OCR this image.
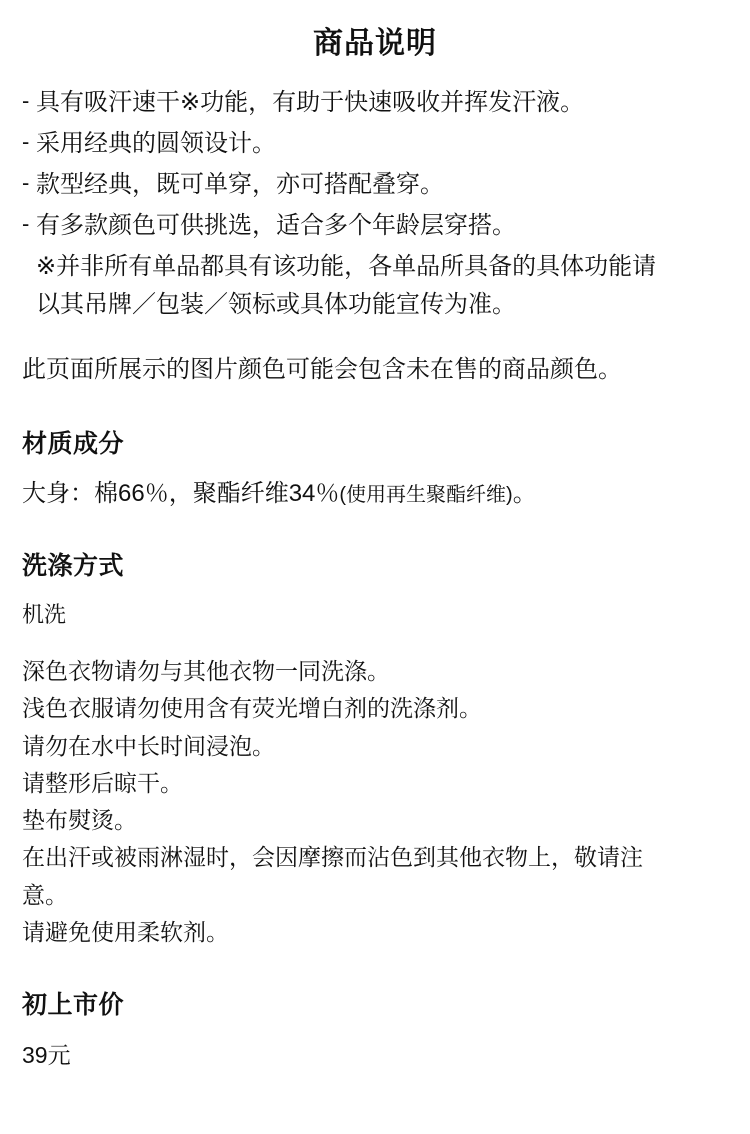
商品说明
- 具有吸汗速干※功能，有助于快速吸收并挥发汗液。
- 采用经典的圆领设计。
- 款型经典，既可单穿，亦可搭配叠穿。
- 有多款颜色可供挑选，适合多个年龄层穿搭。
※并非所有单品都具有该功能，各单品所具备的具体功能请
以其吊牌／包装／领标或具体功能宣传为准。

此页面所展示的图片颜色可能会包含未在售的商品颜色。

材质成分
大身：棉66％，聚酯纤维34％(使用再生聚酯纤维)。
洗涤方式
机洗
深色衣物请勿与其他衣物一同洗涤。
浅色衣服请勿使用含有荧光增白剂的洗涤剂。
请勿在水中长时间浸泡。
请整形后晾干。
垫布熨烫。
在出汗或被雨淋湿时，会因摩擦而沾色到其他衣物上，敬请注
意。
请避免使用柔软剂。
初上市价
39元
